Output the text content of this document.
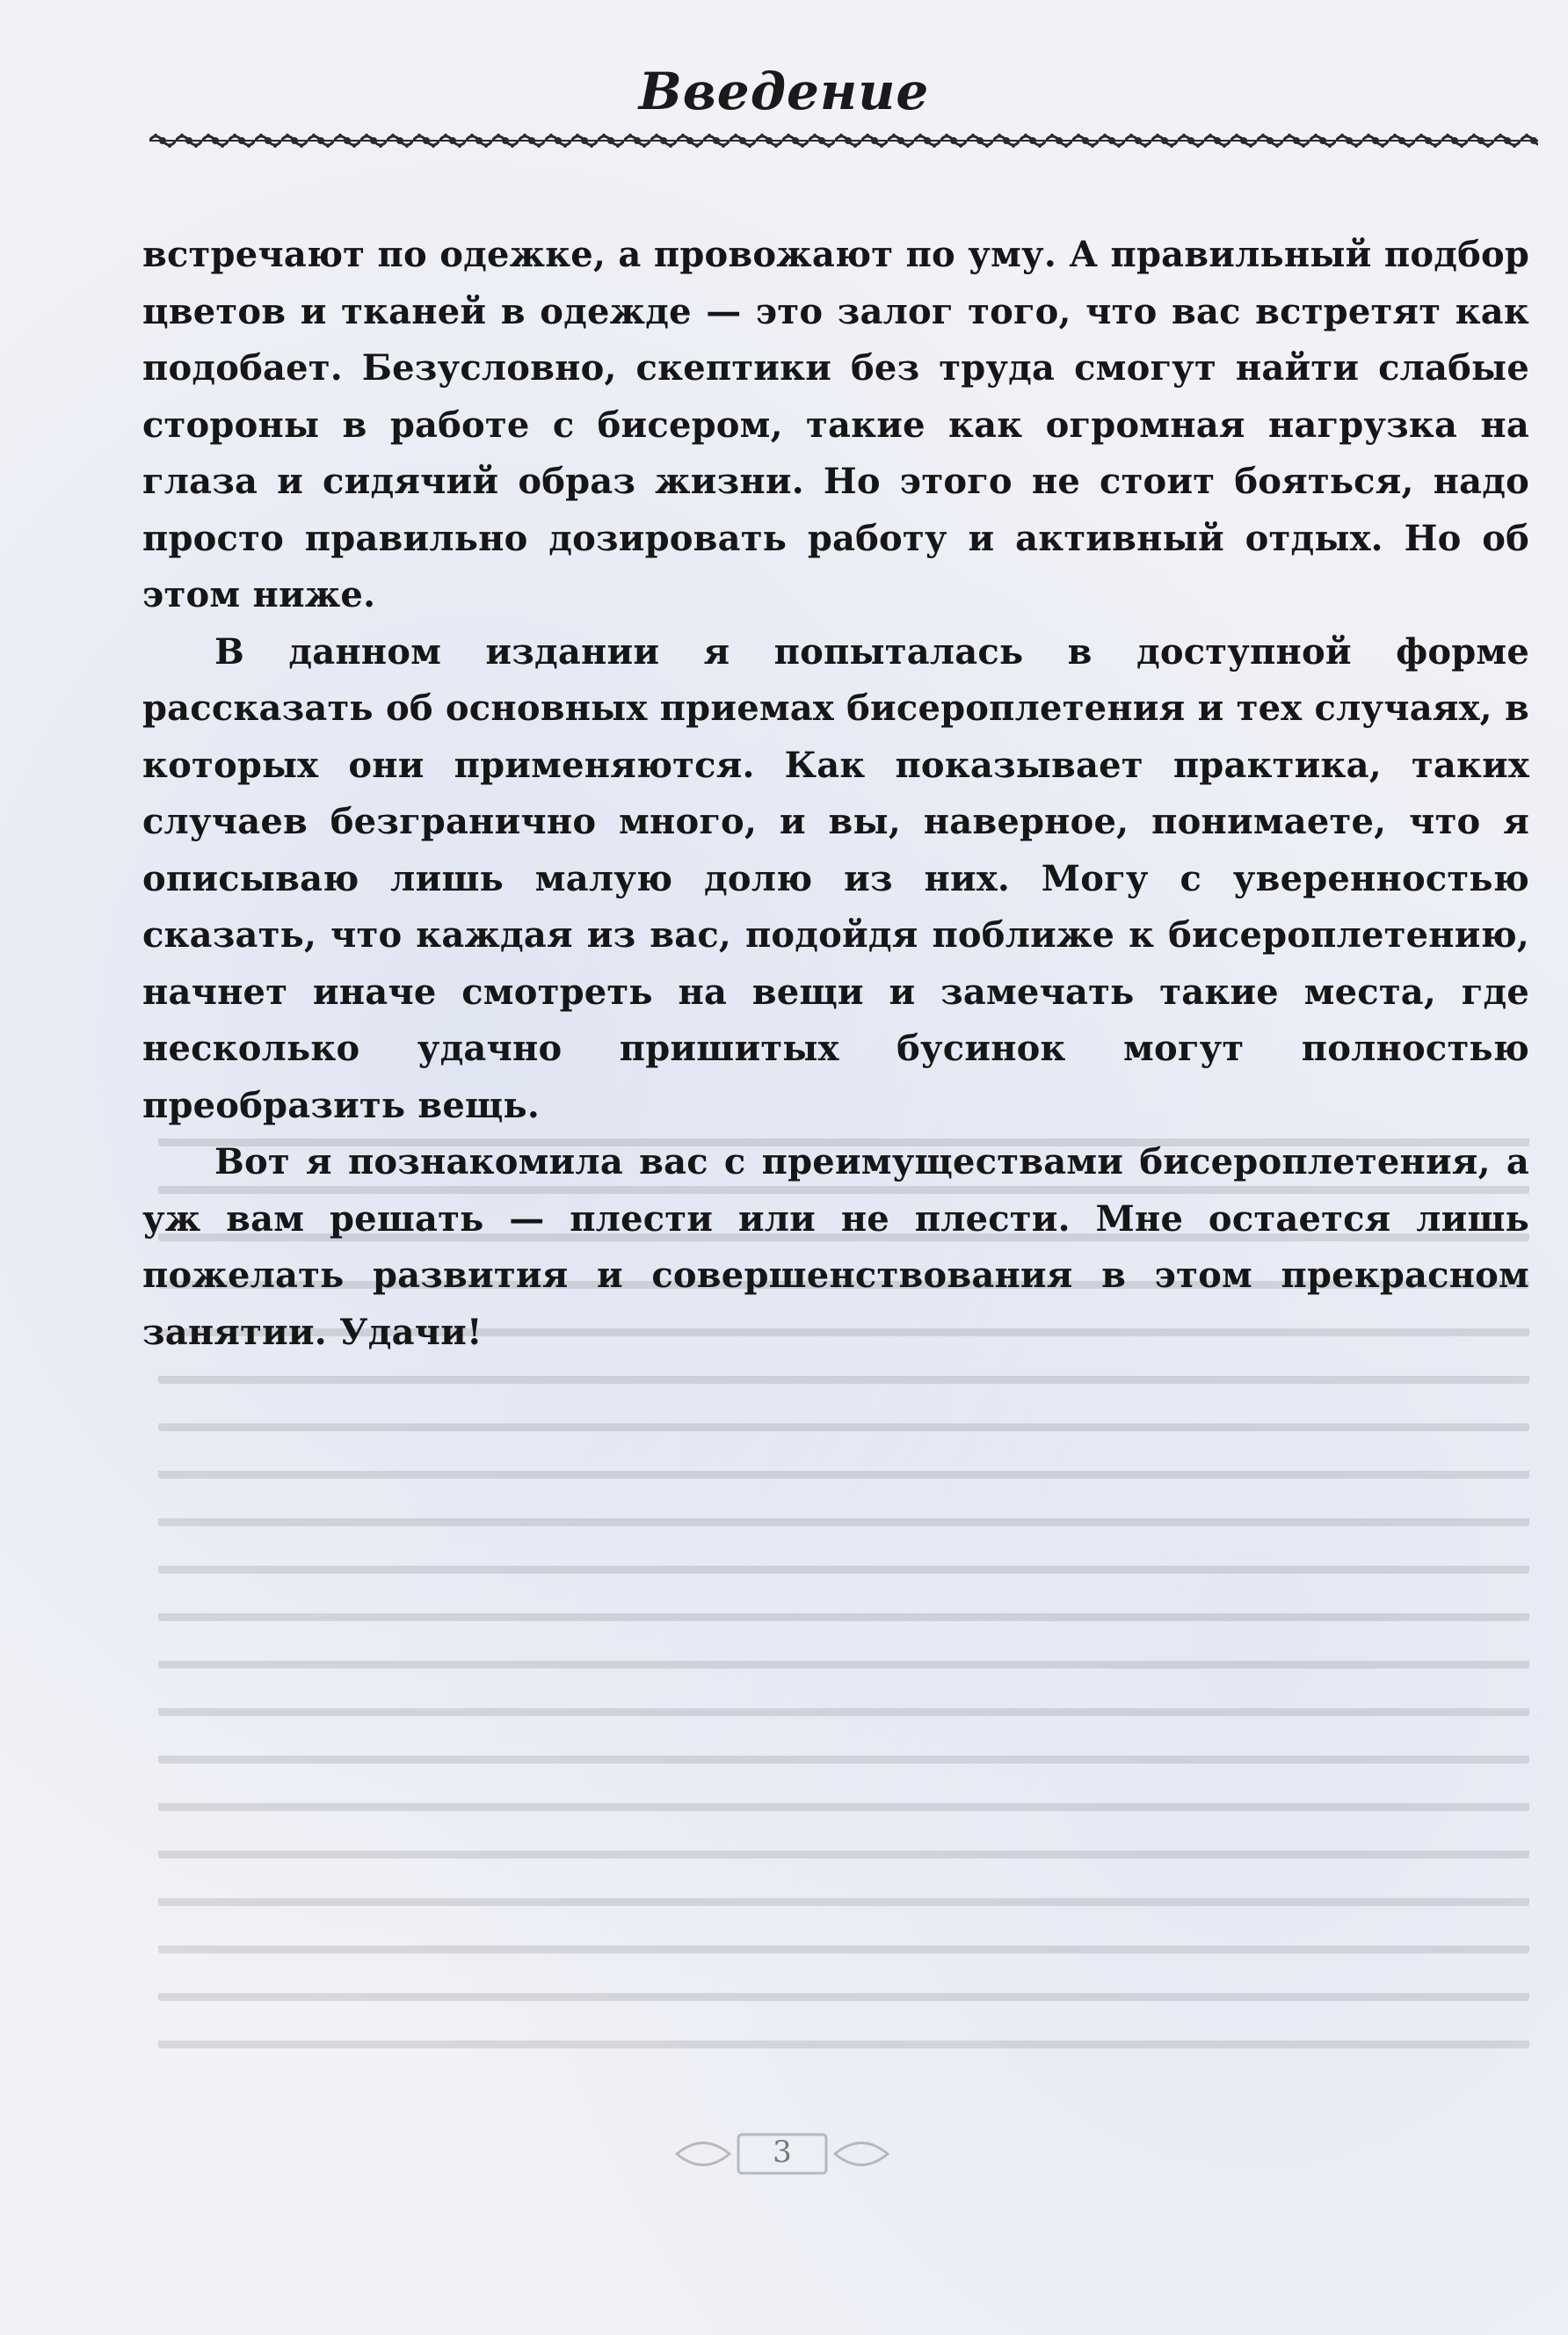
Введение

встречают по одежке, а провожают по уму. А правильный подбор цветов и тканей в одежде — это залог того, что вас встретят как подобает. Безусловно, скептики без труда смогут найти слабые стороны в работе с бисером, такие как огромная нагрузка на глаза и сидячий образ жизни. Но этого не стоит бояться, надо просто правильно дозировать работу и активный отдых. Но об этом ниже.

В данном издании я попыталась в доступной форме рассказать об основных приемах бисероплетения и тех случаях, в которых они применяются. Как показывает практика, таких случаев безгранично много, и вы, наверное, понимаете, что я описываю лишь малую долю из них. Могу с уверенностью сказать, что каждая из вас, подойдя поближе к бисероплетению, начнет иначе смотреть на вещи и замечать такие места, где несколько удачно пришитых бусинок могут полностью преобразить вещь.

Вот я познакомила вас с преимуществами бисероплетения, а уж вам решать — плести или не плести. Мне остается лишь пожелать развития и совершенствования в этом прекрасном занятии. Удачи!

3
